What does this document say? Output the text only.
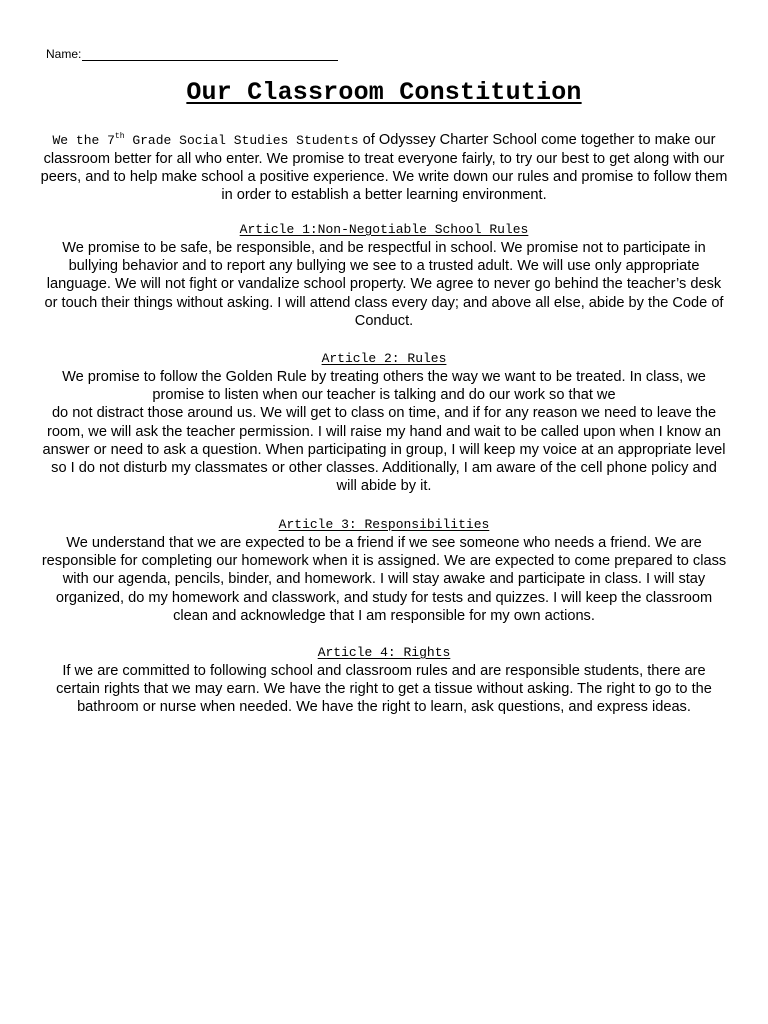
Name:
Our Classroom Constitution
We the 7th Grade Social Studies Students of Odyssey Charter School come together to make our classroom better for all who enter. We promise to treat everyone fairly, to try our best to get along with our peers, and to help make school a positive experience. We write down our rules and promise to follow them in order to establish a better learning environment.
Article 1:Non-Negotiable School Rules
We promise to be safe, be responsible, and be respectful in school. We promise not to participate in bullying behavior and to report any bullying we see to a trusted adult. We will use only appropriate language. We will not fight or vandalize school property. We agree to never go behind the teacher’s desk or touch their things without asking. I will attend class every day; and above all else, abide by the Code of Conduct.
Article 2: Rules
We promise to follow the Golden Rule by treating others the way we want to be treated. In class, we promise to listen when our teacher is talking and do our work so that we
do not distract those around us. We will get to class on time, and if for any reason we need to leave the room, we will ask the teacher permission. I will raise my hand and wait to be called upon when I know an answer or need to ask a question. When participating in group, I will keep my voice at an appropriate level so I do not disturb my classmates or other classes. Additionally, I am aware of the cell phone policy and will abide by it.
Article 3: Responsibilities
We understand that we are expected to be a friend if we see someone who needs a friend. We are responsible for completing our homework when it is assigned. We are expected to come prepared to class with our agenda, pencils, binder, and homework. I will stay awake and participate in class. I will stay organized, do my homework and classwork, and study for tests and quizzes. I will keep the classroom clean and acknowledge that I am responsible for my own actions.
Article 4: Rights
If we are committed to following school and classroom rules and are responsible students, there are certain rights that we may earn. We have the right to get a tissue without asking. The right to go to the bathroom or nurse when needed. We have the right to learn, ask questions, and express ideas.
